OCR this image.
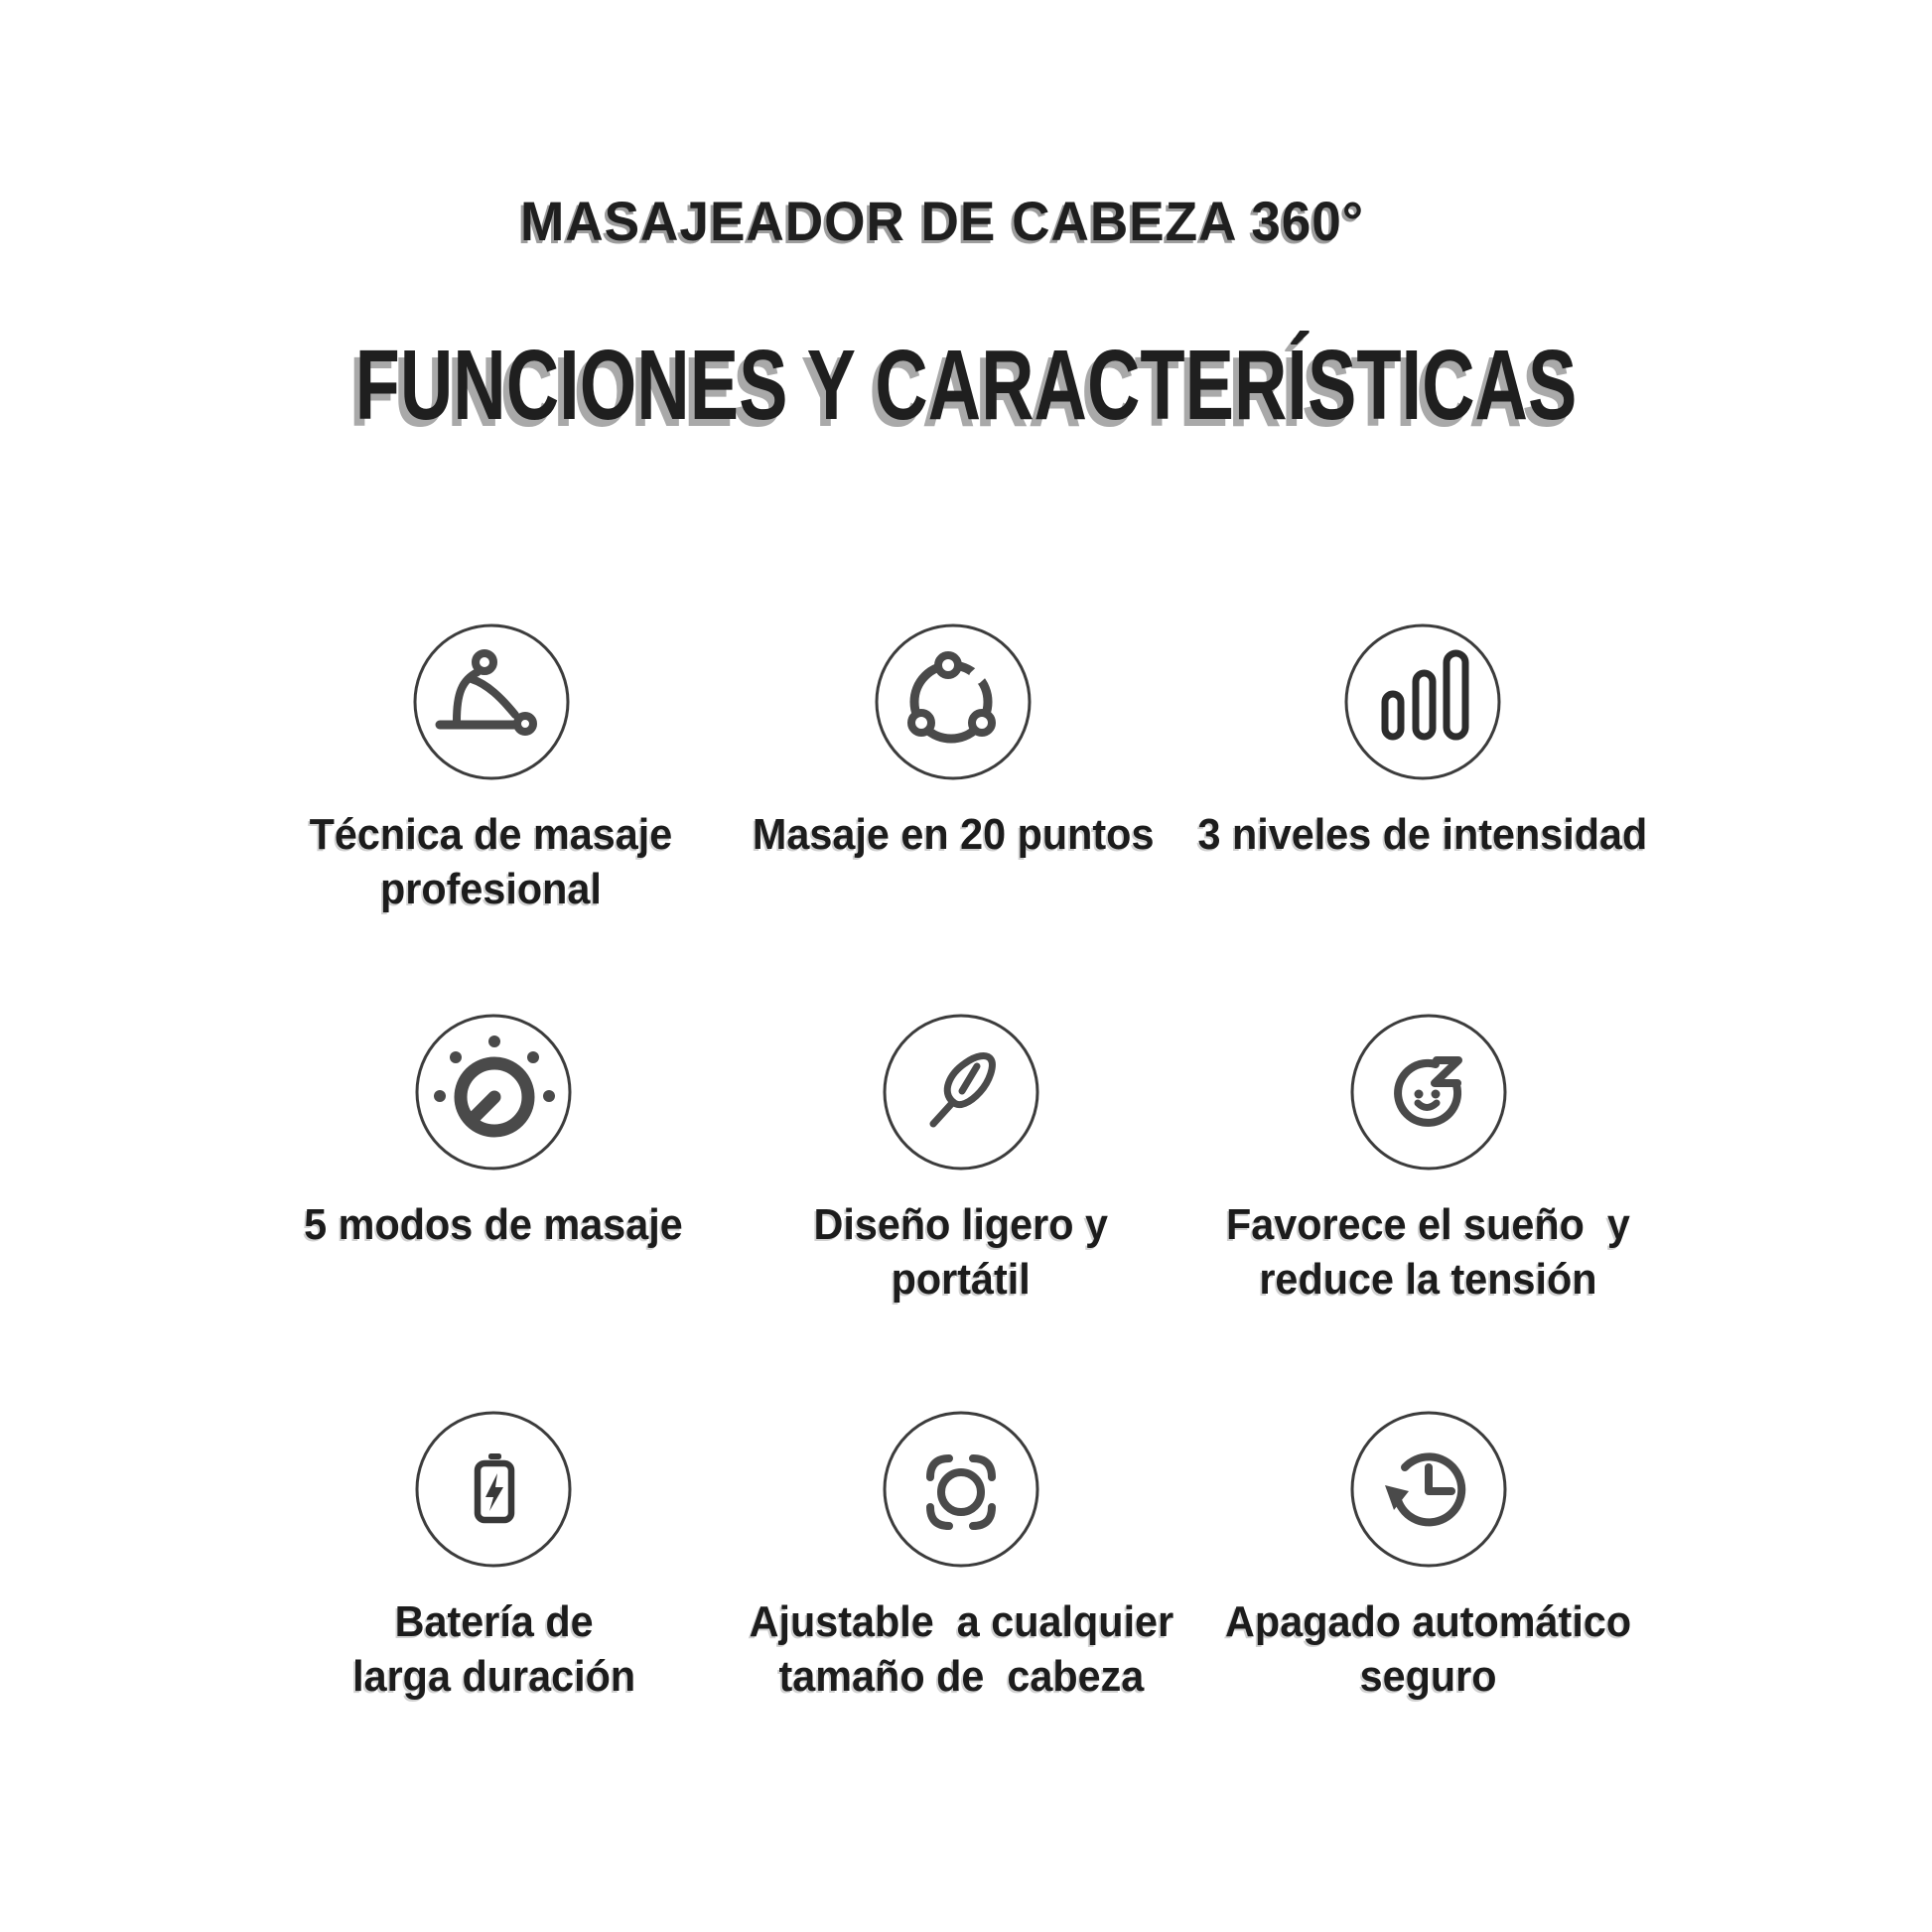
MASAJEADOR DE CABEZA 360°
FUNCIONES Y CARACTERÍSTICAS
Técnica de masaje
profesional
Masaje en 20 puntos 3 niveles de intensidad
5 modos de masaje	Diseño ligero y
portátil
Favorece el sueño  y
reduce la tensión
Batería de
larga duración
Ajustable  a cualquier
tamaño de  cabeza
Apagado automático
seguro
